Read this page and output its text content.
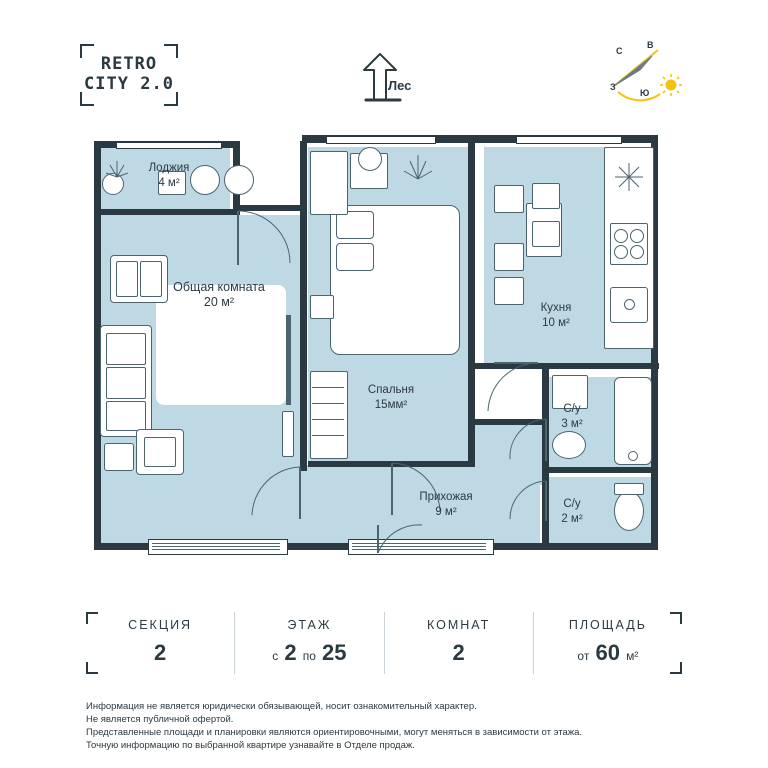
RETRO
CITY 2.0	Лес
В
С
З
Ю
Лоджия
4 м²
Общая комната
20 м²
Спальня
15мм²
Кухня
10 м²
С/у
3 м²
С/у
2 м²
Прихожая
9 м²
СЕКЦИЯ
2
ЭТАЖ
с 2 по 25
КОМНАТ
2
ПЛОЩАДЬ
от 60 м²
Информация не является юридически обязывающей, носит ознакомительный характер.
Не является публичной офертой.
Представленные площади и планировки являются ориентировочными, могут меняться в зависимости от этажа.
Точную информацию по выбранной квартире узнавайте в Отделе продаж.
